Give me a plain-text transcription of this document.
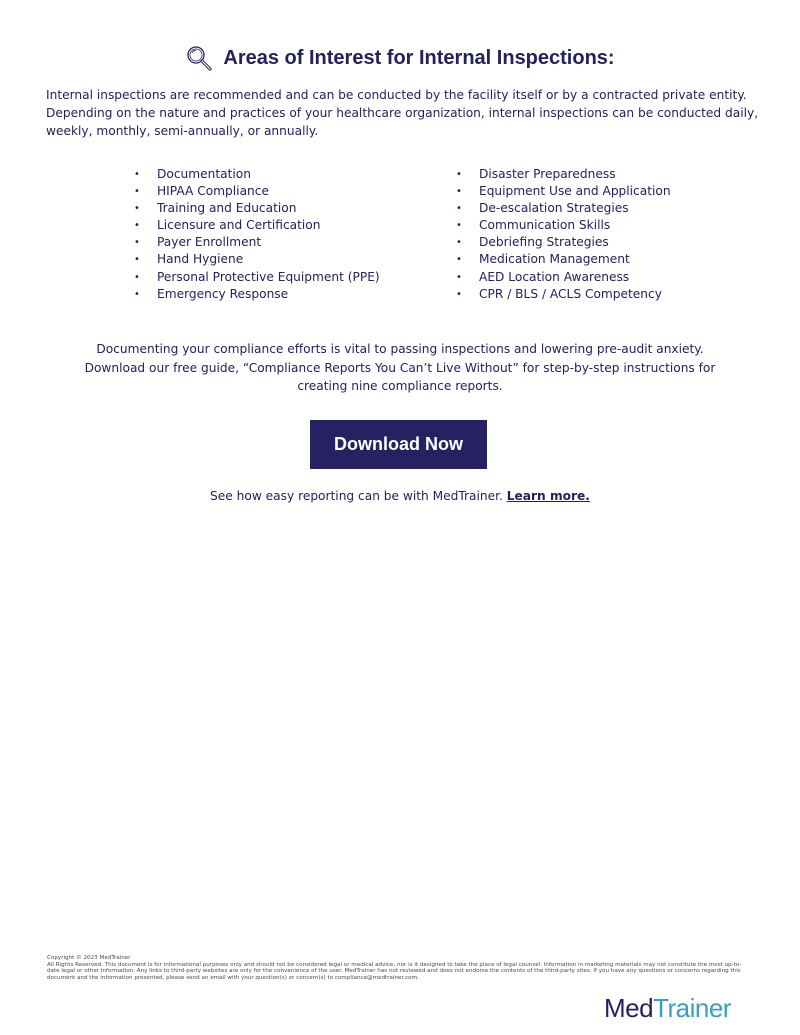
Areas of Interest for Internal Inspections:

Internal inspections are recommended and can be conducted by the facility itself or by a contracted private entity. Depending on the nature and practices of your healthcare organization, internal inspections can be conducted daily, weekly, monthly, semi-annually, or annually.

• Documentation
• HIPAA Compliance
• Training and Education
• Licensure and Certification
• Payer Enrollment
• Hand Hygiene
• Personal Protective Equipment (PPE)
• Emergency Response
• Disaster Preparedness
• Equipment Use and Application
• De-escalation Strategies
• Communication Skills
• Debriefing Strategies
• Medication Management
• AED Location Awareness
• CPR / BLS / ACLS Competency

Documenting your compliance efforts is vital to passing inspections and lowering pre-audit anxiety. Download our free guide, “Compliance Reports You Can’t Live Without” for step-by-step instructions for creating nine compliance reports.

Download Now

See how easy reporting can be with MedTrainer. Learn more.

Copyright © 2023 MedTrainer

All Rights Reserved. This document is for informational purposes only and should not be considered legal or medical advice, nor is it designed to take the place of legal counsel. Information in marketing materials may not constitute the most up-to-date legal or other information. Any links to third-party websites are only for the convenience of the user. MedTrainer has not reviewed and does not endorse the contents of the third-party sites. If you have any questions or concerns regarding this document and the information presented, please send an email with your question(s) or concern(s) to compliance@medtrainer.com.

MedTrainer
